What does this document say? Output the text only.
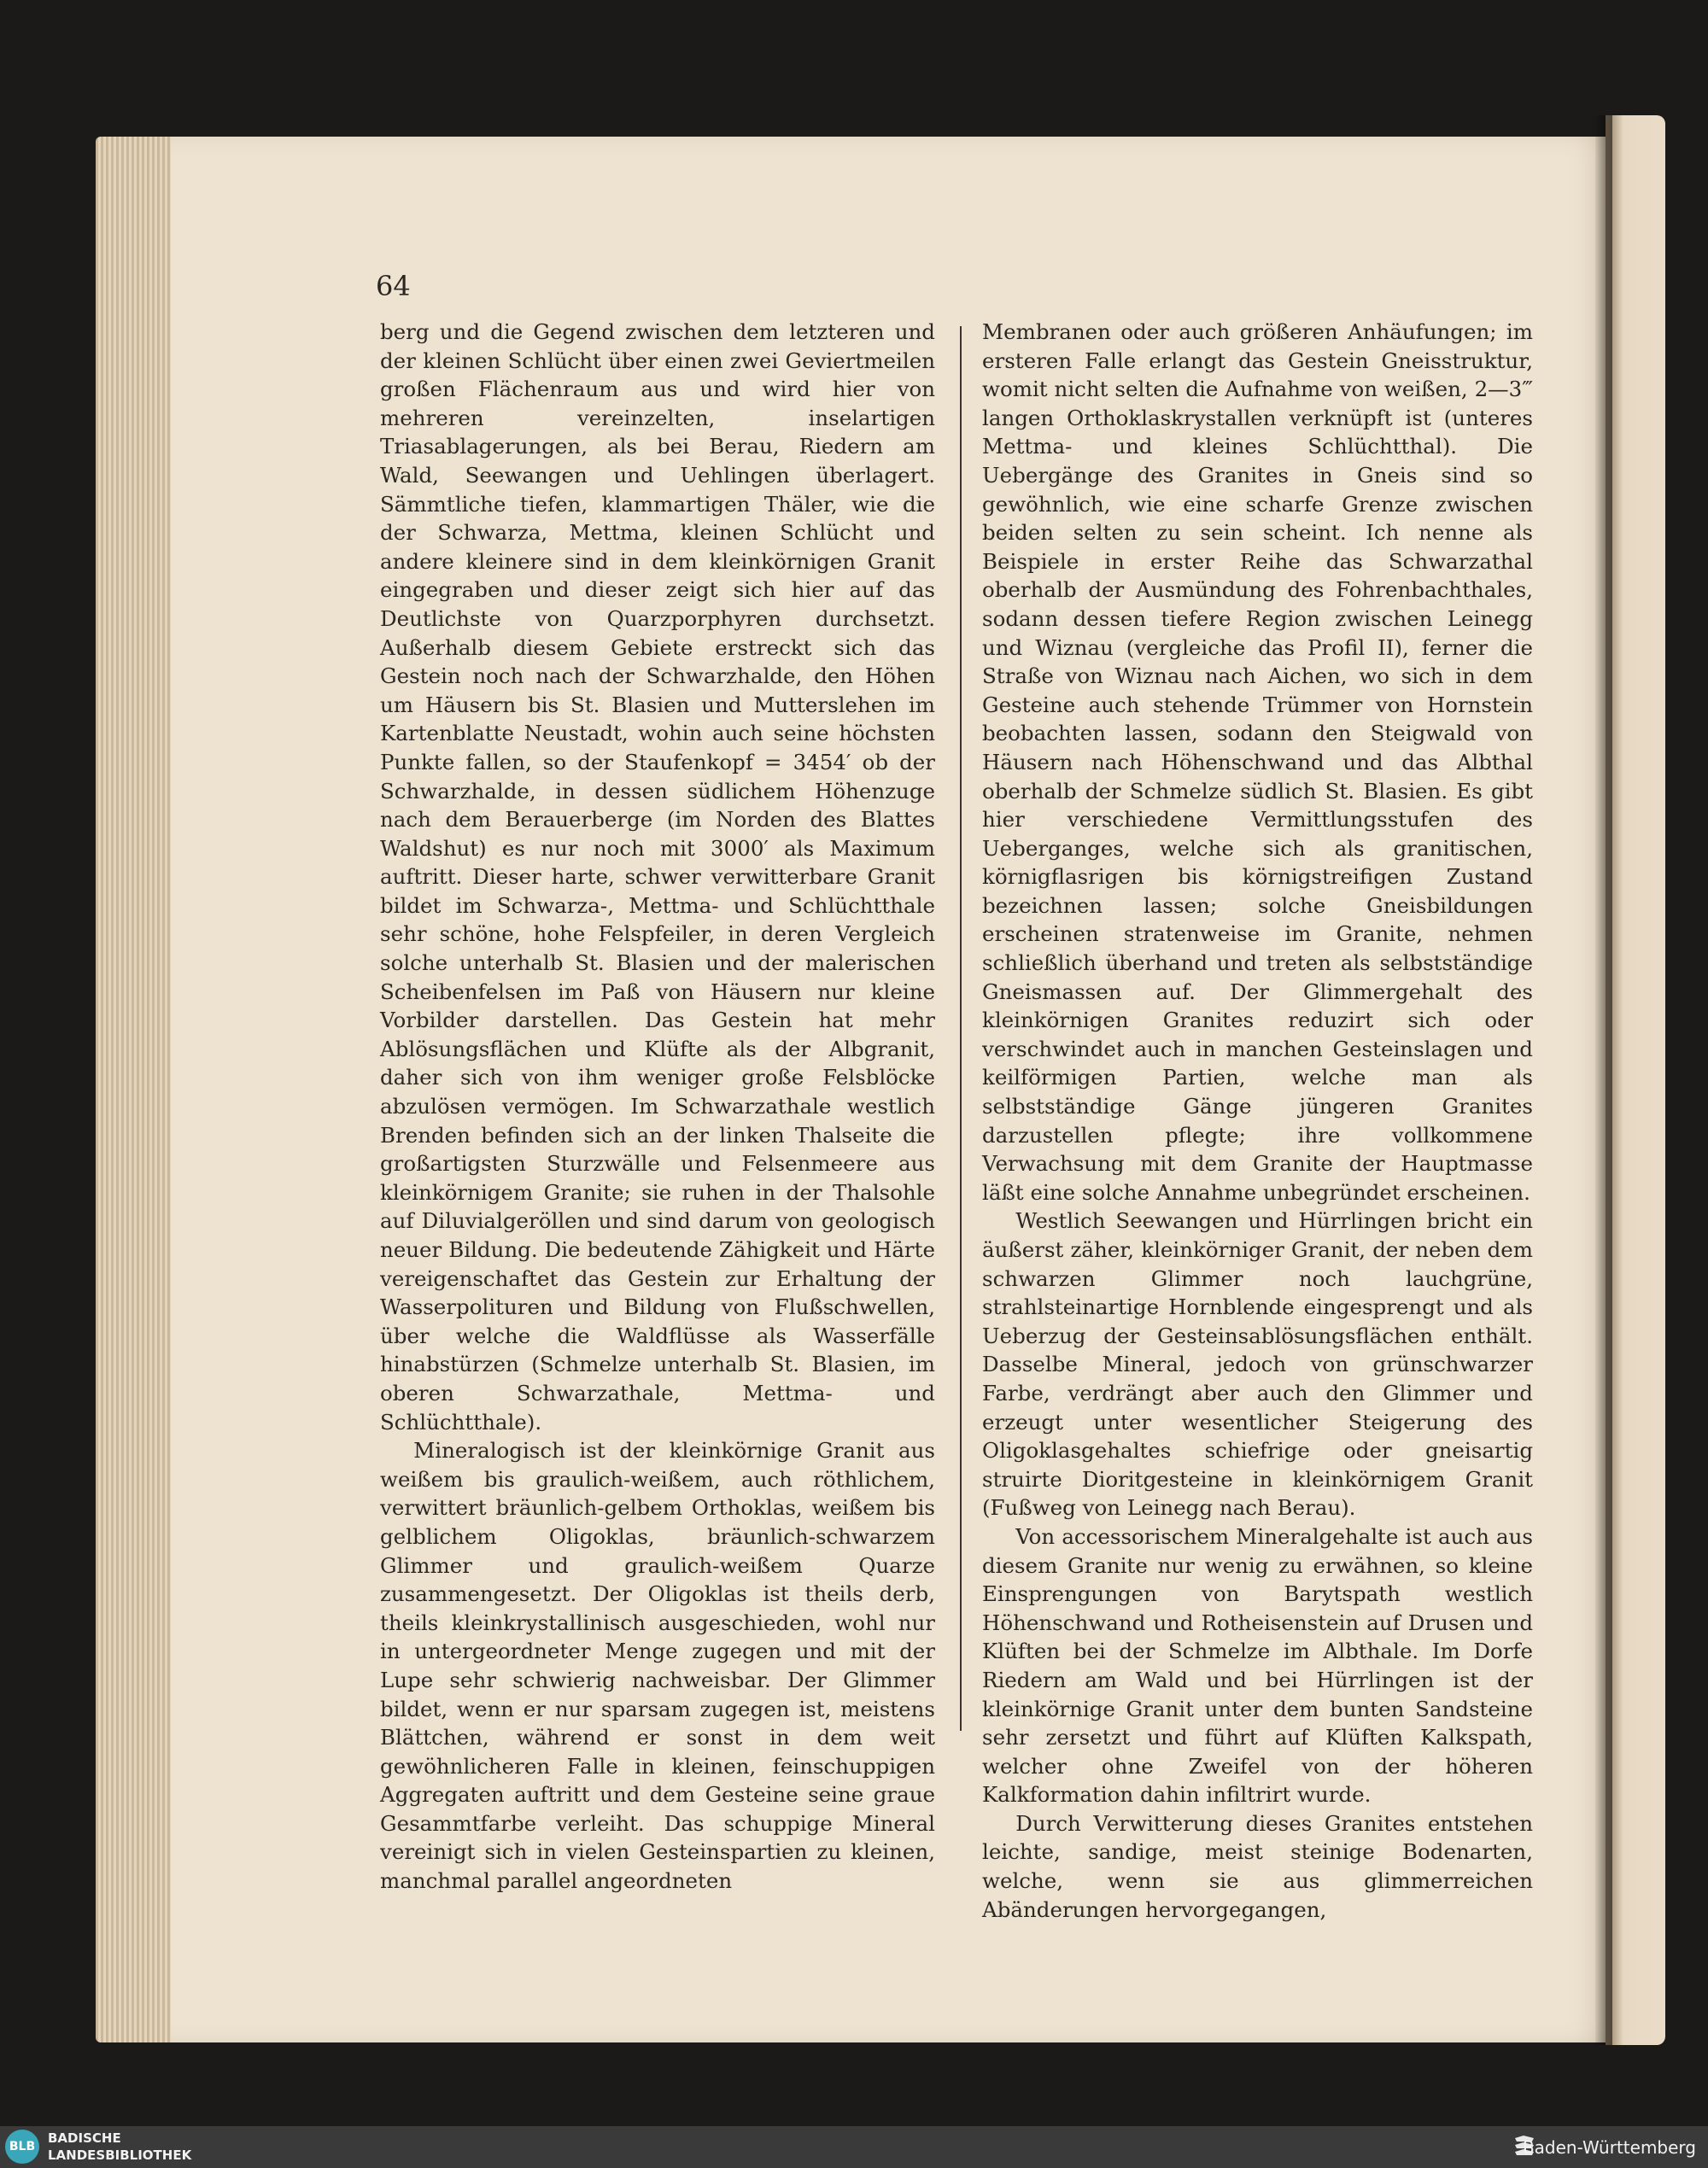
64

berg und die Gegend zwischen dem letzteren und der kleinen Schlücht über einen zwei Geviertmeilen großen Flächenraum aus und wird hier von mehreren vereinzelten, inselartigen Triasablagerungen, als bei Berau, Riedern am Wald, Seewangen und Uehlingen überlagert. Sämmtliche tiefen, klammartigen Thäler, wie die der Schwarza, Mettma, kleinen Schlücht und andere kleinere sind in dem kleinkörnigen Granit eingegraben und dieser zeigt sich hier auf das Deutlichste von Quarzporphyren durchsetzt. Außerhalb diesem Gebiete erstreckt sich das Gestein noch nach der Schwarzhalde, den Höhen um Häusern bis St. Blasien und Mutterslehen im Kartenblatte Neustadt, wohin auch seine höchsten Punkte fallen, so der Staufenkopf = 3454′ ob der Schwarzhalde, in dessen südlichem Höhenzuge nach dem Berauerberge (im Norden des Blattes Waldshut) es nur noch mit 3000′ als Maximum auftritt. Dieser harte, schwer verwitterbare Granit bildet im Schwarza-, Mettma- und Schlüchtthale sehr schöne, hohe Felspfeiler, in deren Vergleich solche unterhalb St. Blasien und der malerischen Scheibenfelsen im Paß von Häusern nur kleine Vorbilder darstellen. Das Gestein hat mehr Ablösungsflächen und Klüfte als der Albgranit, daher sich von ihm weniger große Felsblöcke abzulösen vermögen. Im Schwarzathale westlich Brenden befinden sich an der linken Thalseite die großartigsten Sturzwälle und Felsenmeere aus kleinkörnigem Granite; sie ruhen in der Thalsohle auf Diluvialgeröllen und sind darum von geologisch neuer Bildung. Die bedeutende Zähigkeit und Härte vereigenschaftet das Gestein zur Erhaltung der Wasserpolituren und Bildung von Flußschwellen, über welche die Waldflüsse als Wasserfälle hinabstürzen (Schmelze unterhalb St. Blasien, im oberen Schwarzathale, Mettma- und Schlüchtthale).

Mineralogisch ist der kleinkörnige Granit aus weißem bis graulich-weißem, auch röthlichem, verwittert bräunlich-gelbem Orthoklas, weißem bis gelblichem Oligoklas, bräunlich-schwarzem Glimmer und graulich-weißem Quarze zusammengesetzt. Der Oligoklas ist theils derb, theils kleinkrystallinisch ausgeschieden, wohl nur in untergeordneter Menge zugegen und mit der Lupe sehr schwierig nachweisbar. Der Glimmer bildet, wenn er nur sparsam zugegen ist, meistens Blättchen, während er sonst in dem weit gewöhnlicheren Falle in kleinen, feinschuppigen Aggregaten auftritt und dem Gesteine seine graue Gesammtfarbe verleiht. Das schuppige Mineral vereinigt sich in vielen Gesteinspartien zu kleinen, manchmal parallel angeordneten

Membranen oder auch größeren Anhäufungen; im ersteren Falle erlangt das Gestein Gneisstruktur, womit nicht selten die Aufnahme von weißen, 2—3‴ langen Orthoklaskrystallen verknüpft ist (unteres Mettma- und kleines Schlüchtthal). Die Uebergänge des Granites in Gneis sind so gewöhnlich, wie eine scharfe Grenze zwischen beiden selten zu sein scheint. Ich nenne als Beispiele in erster Reihe das Schwarzathal oberhalb der Ausmündung des Fohrenbachthales, sodann dessen tiefere Region zwischen Leinegg und Wiznau (vergleiche das Profil II), ferner die Straße von Wiznau nach Aichen, wo sich in dem Gesteine auch stehende Trümmer von Hornstein beobachten lassen, sodann den Steigwald von Häusern nach Höhenschwand und das Albthal oberhalb der Schmelze südlich St. Blasien. Es gibt hier verschiedene Vermittlungsstufen des Ueberganges, welche sich als granitischen, körnigflasrigen bis körnigstreifigen Zustand bezeichnen lassen; solche Gneisbildungen erscheinen stratenweise im Granite, nehmen schließlich überhand und treten als selbstständige Gneismassen auf. Der Glimmergehalt des kleinkörnigen Granites reduzirt sich oder verschwindet auch in manchen Gesteinslagen und keilförmigen Partien, welche man als selbstständige Gänge jüngeren Granites darzustellen pflegte; ihre vollkommene Verwachsung mit dem Granite der Hauptmasse läßt eine solche Annahme unbegründet erscheinen.

Westlich Seewangen und Hürrlingen bricht ein äußerst zäher, kleinkörniger Granit, der neben dem schwarzen Glimmer noch lauchgrüne, strahlsteinartige Hornblende eingesprengt und als Ueberzug der Gesteinsablösungsflächen enthält. Dasselbe Mineral, jedoch von grünschwarzer Farbe, verdrängt aber auch den Glimmer und erzeugt unter wesentlicher Steigerung des Oligoklasgehaltes schiefrige oder gneisartig struirte Dioritgesteine in kleinkörnigem Granit (Fußweg von Leinegg nach Berau).

Von accessorischem Mineralgehalte ist auch aus diesem Granite nur wenig zu erwähnen, so kleine Einsprengungen von Barytspath westlich Höhenschwand und Rotheisenstein auf Drusen und Klüften bei der Schmelze im Albthale. Im Dorfe Riedern am Wald und bei Hürrlingen ist der kleinkörnige Granit unter dem bunten Sandsteine sehr zersetzt und führt auf Klüften Kalkspath, welcher ohne Zweifel von der höheren Kalkformation dahin infiltrirt wurde.

Durch Verwitterung dieses Granites entstehen leichte, sandige, meist steinige Bodenarten, welche, wenn sie aus glimmerreichen Abänderungen hervorgegangen,

BLB
BADISCHE
LANDESBIBLIOTHEK	Baden-Württemberg
